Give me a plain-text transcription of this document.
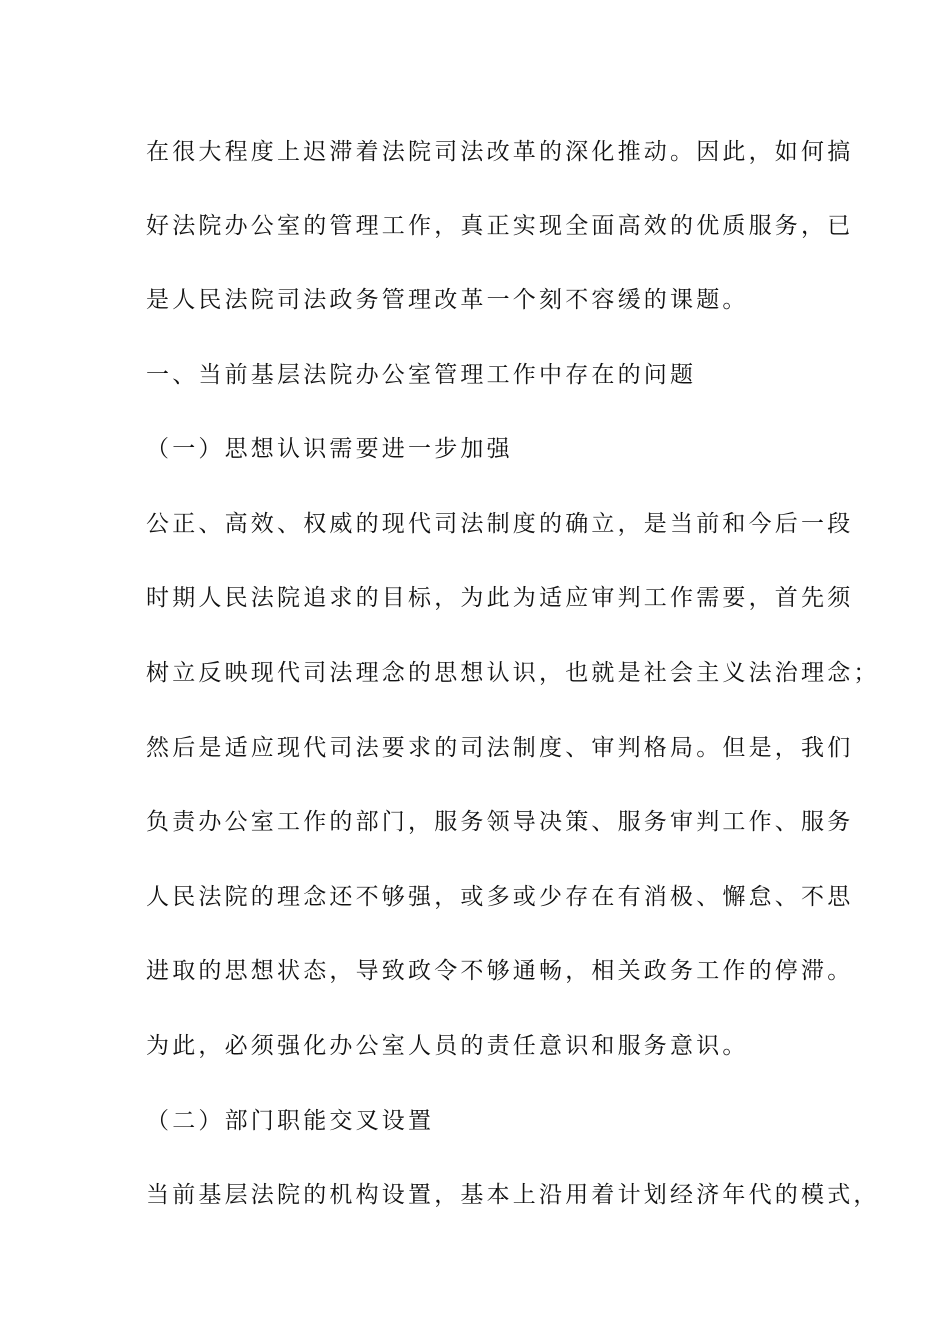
在很大程度上迟滞着法院司法改革的深化推动。因此，如何搞
好法院办公室的管理工作，真正实现全面高效的优质服务，已
是人民法院司法政务管理改革一个刻不容缓的课题。
一、当前基层法院办公室管理工作中存在的问题
（一）思想认识需要进一步加强
公正、高效、权威的现代司法制度的确立，是当前和今后一段
时期人民法院追求的目标，为此为适应审判工作需要，首先须
树立反映现代司法理念的思想认识，也就是社会主义法治理念；
然后是适应现代司法要求的司法制度、审判格局。但是，我们
负责办公室工作的部门，服务领导决策、服务审判工作、服务
人民法院的理念还不够强，或多或少存在有消极、懈怠、不思
进取的思想状态，导致政令不够通畅，相关政务工作的停滞。
为此，必须强化办公室人员的责任意识和服务意识。
（二）部门职能交叉设置
当前基层法院的机构设置，基本上沿用着计划经济年代的模式，
